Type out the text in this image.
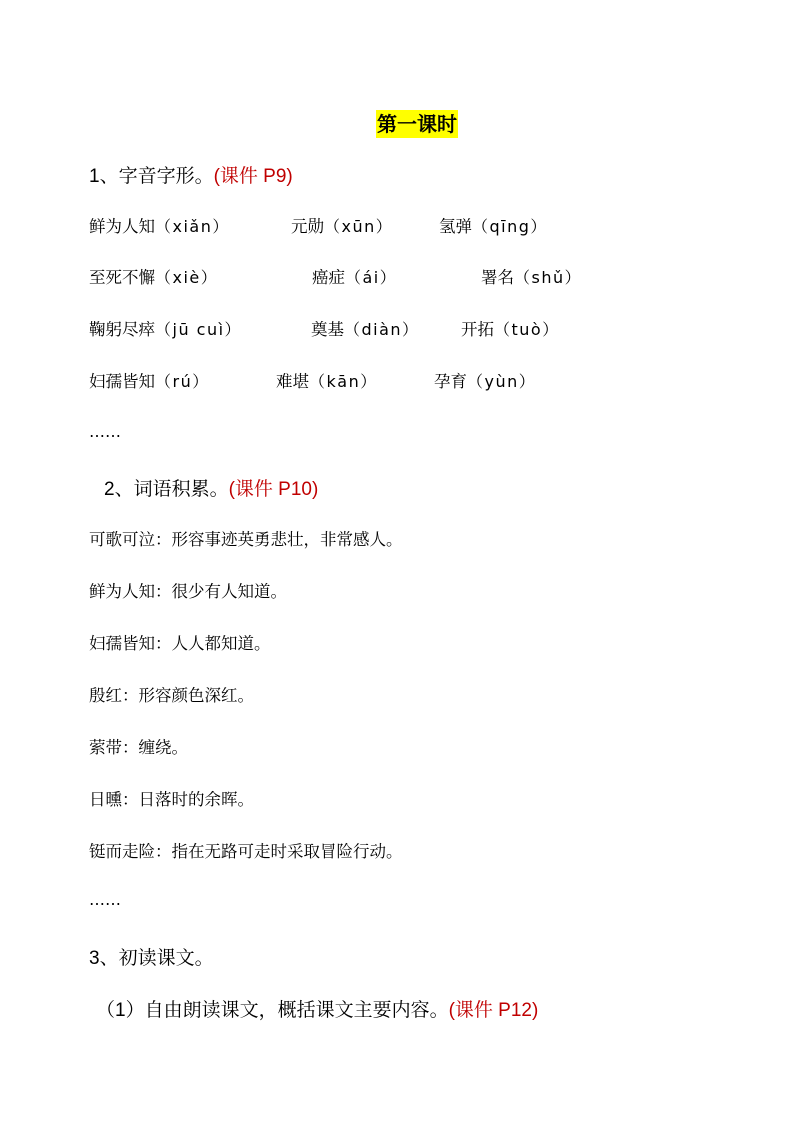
第一课时
1、字音字形。(课件 P9)
鲜为人知（xiǎn）	元勋（xūn）	氢弹（qīng）
至死不懈（xiè）	癌症（ái）	署名（shǔ）
鞠躬尽瘁（jū cuì）	奠基（diàn）	开拓（tuò）
妇孺皆知（rú）	难堪（kān）	孕育（yùn）
……
2、词语积累。(课件 P10)
可歌可泣：形容事迹英勇悲壮，非常感人。
鲜为人知：很少有人知道。
妇孺皆知：人人都知道。
殷红：形容颜色深红。
萦带：缠绕。
日曛：日落时的余晖。
铤而走险：指在无路可走时采取冒险行动。
……
3、初读课文。
（1）自由朗读课文，概括课文主要内容。(课件 P12)
